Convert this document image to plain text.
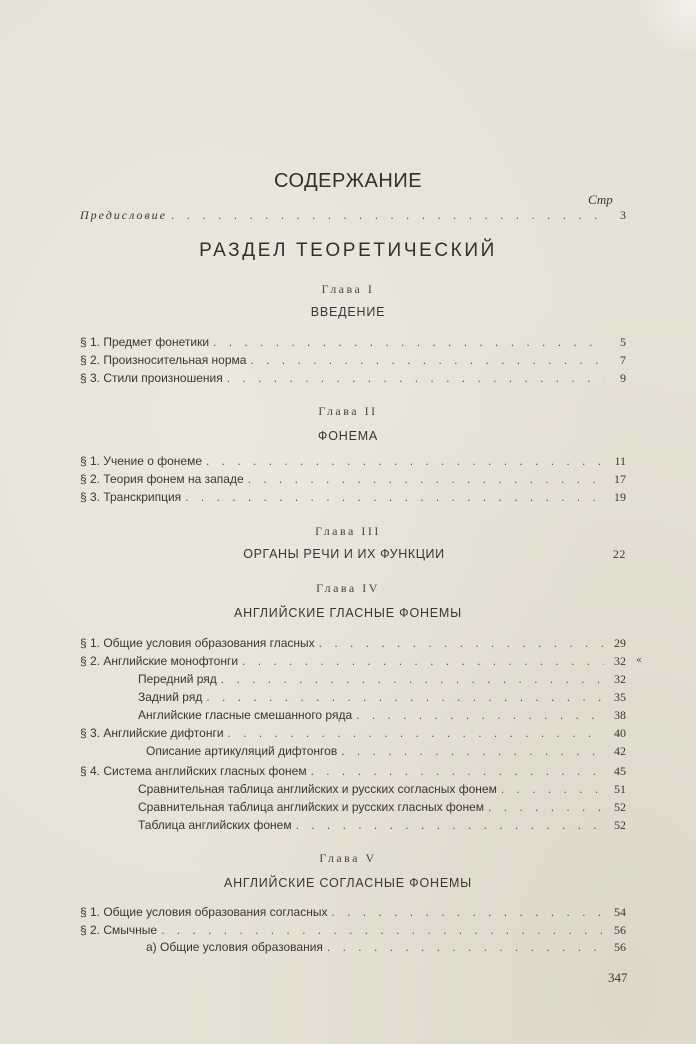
СОДЕРЖАНИЕ
Стр
Предисловие . . .	3
РАЗДЕЛ ТЕОРЕТИЧЕСКИЙ
Глава I
ВВЕДЕНИЕ
§ 1. Предмет фонетики . . .	5
§ 2. Произносительная норма . . .	7
§ 3. Стили произношения . . .	9
Глава II
ФОНЕМА
§ 1. Учение о фонеме . . .	11
§ 2. Теория фонем на западе . . .	17
§ 3. Транскрипция . . .	19
Глава III
ОРГАНЫ РЕЧИ И ИХ ФУНКЦИИ	22
Глава IV
АНГЛИЙСКИЕ ГЛАСНЫЕ ФОНЕМЫ
§ 1. Общие условия образования гласных . . .	29
§ 2. Английские монофтонги . . .	32
Передний ряд . . .	32
Задний ряд . . .	35
Английские гласные смешанного ряда . . .	38
§ 3. Английские дифтонги . . .	40
Описание артикуляций дифтонгов . . .	42
§ 4. Система английских гласных фонем . . .	45
Сравнительная таблица английских и русских согласных фонем . . .	51
Сравнительная таблица английских и русских гласных фонем . . .	52
Таблица английских фонем . . .	52
«
Глава V
АНГЛИЙСКИЕ СОГЛАСНЫЕ ФОНЕМЫ
§ 1. Общие условия образования согласных . . .	54
§ 2. Смычные . . .	56
а) Общие условия образования . . .	56
347
